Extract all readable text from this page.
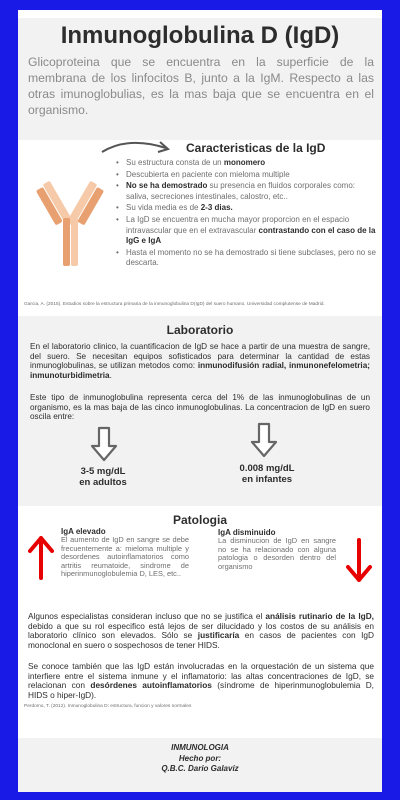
Inmunoglobulina D (IgD)
Glicoproteina que se encuentra en la superficie de la membrana de los linfocitos B, junto a la IgM. Respecto a las otras imunoglobulias, es la mas baja que se encuentra en el organismo.
Caracteristicas de la IgD
• Su estructura consta de un monomero
• Descubierta en paciente con mieloma multiple
• No se ha demostrado su presencia en fluidos corporales como: saliva, secreciones intestinales, calostro, etc..
• Su vida media es de 2-3 dias.
• La IgD se encuentra en mucha mayor proporcion en el espacio intravascular que en el extravascular contrastando con el caso de la IgG e IgA
• Hasta el momento no se ha demostrado si tiene subclases, pero no se descarta.
Garcia, A. (2015). Estudios sobre la estructura primaria de la inmunoglobulina D(IgD) del suero humano. Universidad complutense de Madrid.
Laboratorio
En el laboratorio clinico, la cuantificacion de IgD se hace a partir de una muestra de sangre, del suero. Se necesitan equipos sofisticados para determinar la cantidad de estas inmunoglobulinas, se utilizan metodos como: inmunodifusión radial, inmunonefelometria; inmunoturbidimetria.
Este tipo de inmunoglobulina representa cerca del 1% de las inmunoglobulinas de un organismo, es la mas baja de las cinco inmunoglobulinas. La concentracion de IgD en suero oscila entre:
3-5 mg/dL
en adultos
0.008 mg/dL
en infantes
Patologia
IgA elevado
El aumento de IgD en sangre se debe frecuentemente a: mieloma multiple y desordenes autoinflamatorios como artritis reumatoide, sindrome de hiperinmunoglobulemia D, LES, etc..
IgA disminuido
La disminucion de IgD en sangre no se ha relacionado con alguna patologia o desorden dentro del organismo
Algunos especialistas consideran incluso que no se justifica el análisis rutinario de la IgD, debido a que su rol especifico está lejos de ser dilucidado y los costos de su análisis en laboratorio clínico son elevados. Sólo se justificaría en casos de pacientes con IgD monoclonal en suero o sospechosos de tener HIDS.
Se conoce también que las IgD están involucradas en la orquestación de un sistema que interfiere entre el sistema inmune y el inflamatorio: las altas concentraciones de IgD, se relacionan con desórdenes autoinflamatorios (síndrome de hiperinmunoglobulemia D, HIDS o hiper-IgD).
Perdomo, T. (2012). Inmunoglobulina D: estructura, funcion y valores normales
INMUNOLOGIA
Hecho por:
Q.B.C. Dario Galaviz
